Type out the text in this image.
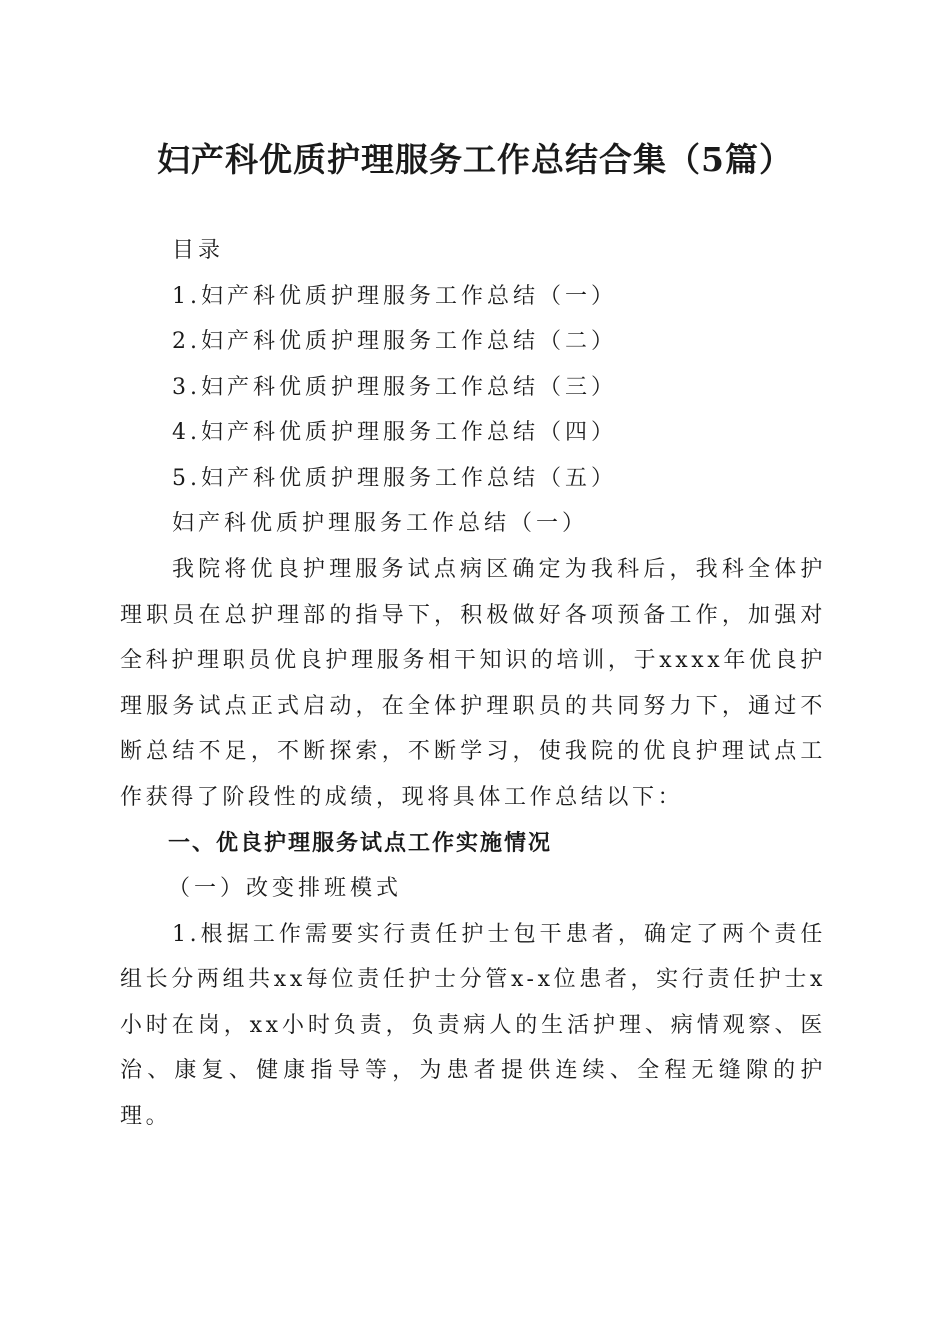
妇产科优质护理服务工作总结合集（5篇）
目录
1.妇产科优质护理服务工作总结（一）
2.妇产科优质护理服务工作总结（二）
3.妇产科优质护理服务工作总结（三）
4.妇产科优质护理服务工作总结（四）
5.妇产科优质护理服务工作总结（五）
妇产科优质护理服务工作总结（一）

我院将优良护理服务试点病区确定为我科后，我科全体护理职员在总护理部的指导下，积极做好各项预备工作，加强对全科护理职员优良护理服务相干知识的培训，于xxxx年优良护理服务试点正式启动，在全体护理职员的共同努力下，通过不断总结不足，不断探索，不断学习，使我院的优良护理试点工作获得了阶段性的成绩，现将具体工作总结以下：

一、优良护理服务试点工作实施情况

（一）改变排班模式

1.根据工作需要实行责任护士包干患者，确定了两个责任组长分两组共xx每位责任护士分管x-x位患者，实行责任护士x小时在岗，xx小时负责，负责病人的生活护理、病情观察、医治、康复、健康指导等，为患者提供连续、全程无缝隙的护理。
